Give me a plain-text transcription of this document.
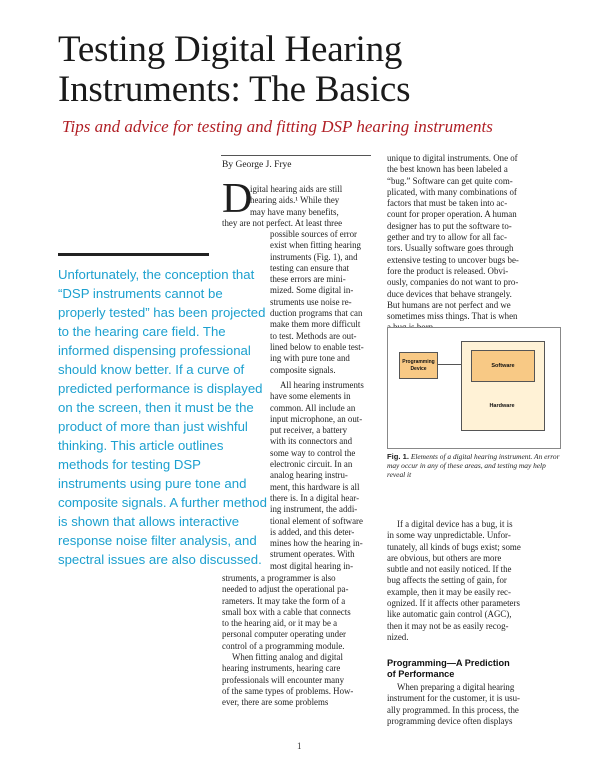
Testing Digital Hearing
Instruments: The Basics

Tips and advice for testing and fitting DSP hearing instruments

By George J. Frye
Unfortunately, the conception that “DSP instruments cannot be properly tested” has been projected to the hearing care field. The informed dispensing professional should know better. If a curve of predicted performance is displayed on the screen, then it must be the product of more than just wishful thinking. This article outlines methods for testing DSP instruments using pure tone and composite signals. A further method is shown that allows interactive response noise filter analysis, and spectral issues are also discussed.
D

igital hearing aids are still

hearing aids.¹ While they

may have many benefits,

they are not perfect. At least three

possible sources of error

exist when fitting hearing

instruments (Fig. 1), and

testing can ensure that

these errors are mini-

mized. Some digital in-

struments use noise re-

duction programs that can

make them more difficult

to test. Methods are out-

lined below to enable test-

ing with pure tone and

composite signals.

All hearing instruments

have some elements in

common. All include an

input microphone, an out-

put receiver, a battery

with its connectors and

some way to control the

electronic circuit. In an

analog hearing instru-

ment, this hardware is all

there is. In a digital hear-

ing instrument, the addi-

tional element of software

is added, and this deter-

mines how the hearing in-

strument operates. With

most digital hearing in-

struments, a programmer is also

needed to adjust the operational pa-

rameters. It may take the form of a

small box with a cable that connects

to the hearing aid, or it may be a

personal computer operating under

control of a programming module.

When fitting analog and digital

hearing instruments, hearing care

professionals will encounter many

of the same types of problems. How-

ever, there are some problems

unique to digital instruments. One of

the best known has been labeled a

“bug.” Software can get quite com-

plicated, with many combinations of

factors that must be taken into ac-

count for proper operation. A human

designer has to put the software to-

gether and try to allow for all fac-

tors. Usually software goes through

extensive testing to uncover bugs be-

fore the product is released. Obvi-

ously, companies do not want to pro-

duce devices that behave strangely.

But humans are not perfect and we

sometimes miss things. That is when

Software
Hardware
Programming Device
Fig. 1. Elements of a digital hearing instrument. An error may occur in any of these areas, and testing may help reveal it

If a digital device has a bug, it is

in some way unpredictable. Unfor-

tunately, all kinds of bugs exist; some

are obvious, but others are more

subtle and not easily noticed. If the

bug affects the setting of gain, for

example, then it may be easily rec-

ognized. If it affects other parameters

like automatic gain control (AGC),

then it may not be as easily recog-

nized.

Programming—A Prediction
of Performance

When preparing a digital hearing

instrument for the customer, it is usu-

ally programmed. In this process, the

programming device often displays

1
